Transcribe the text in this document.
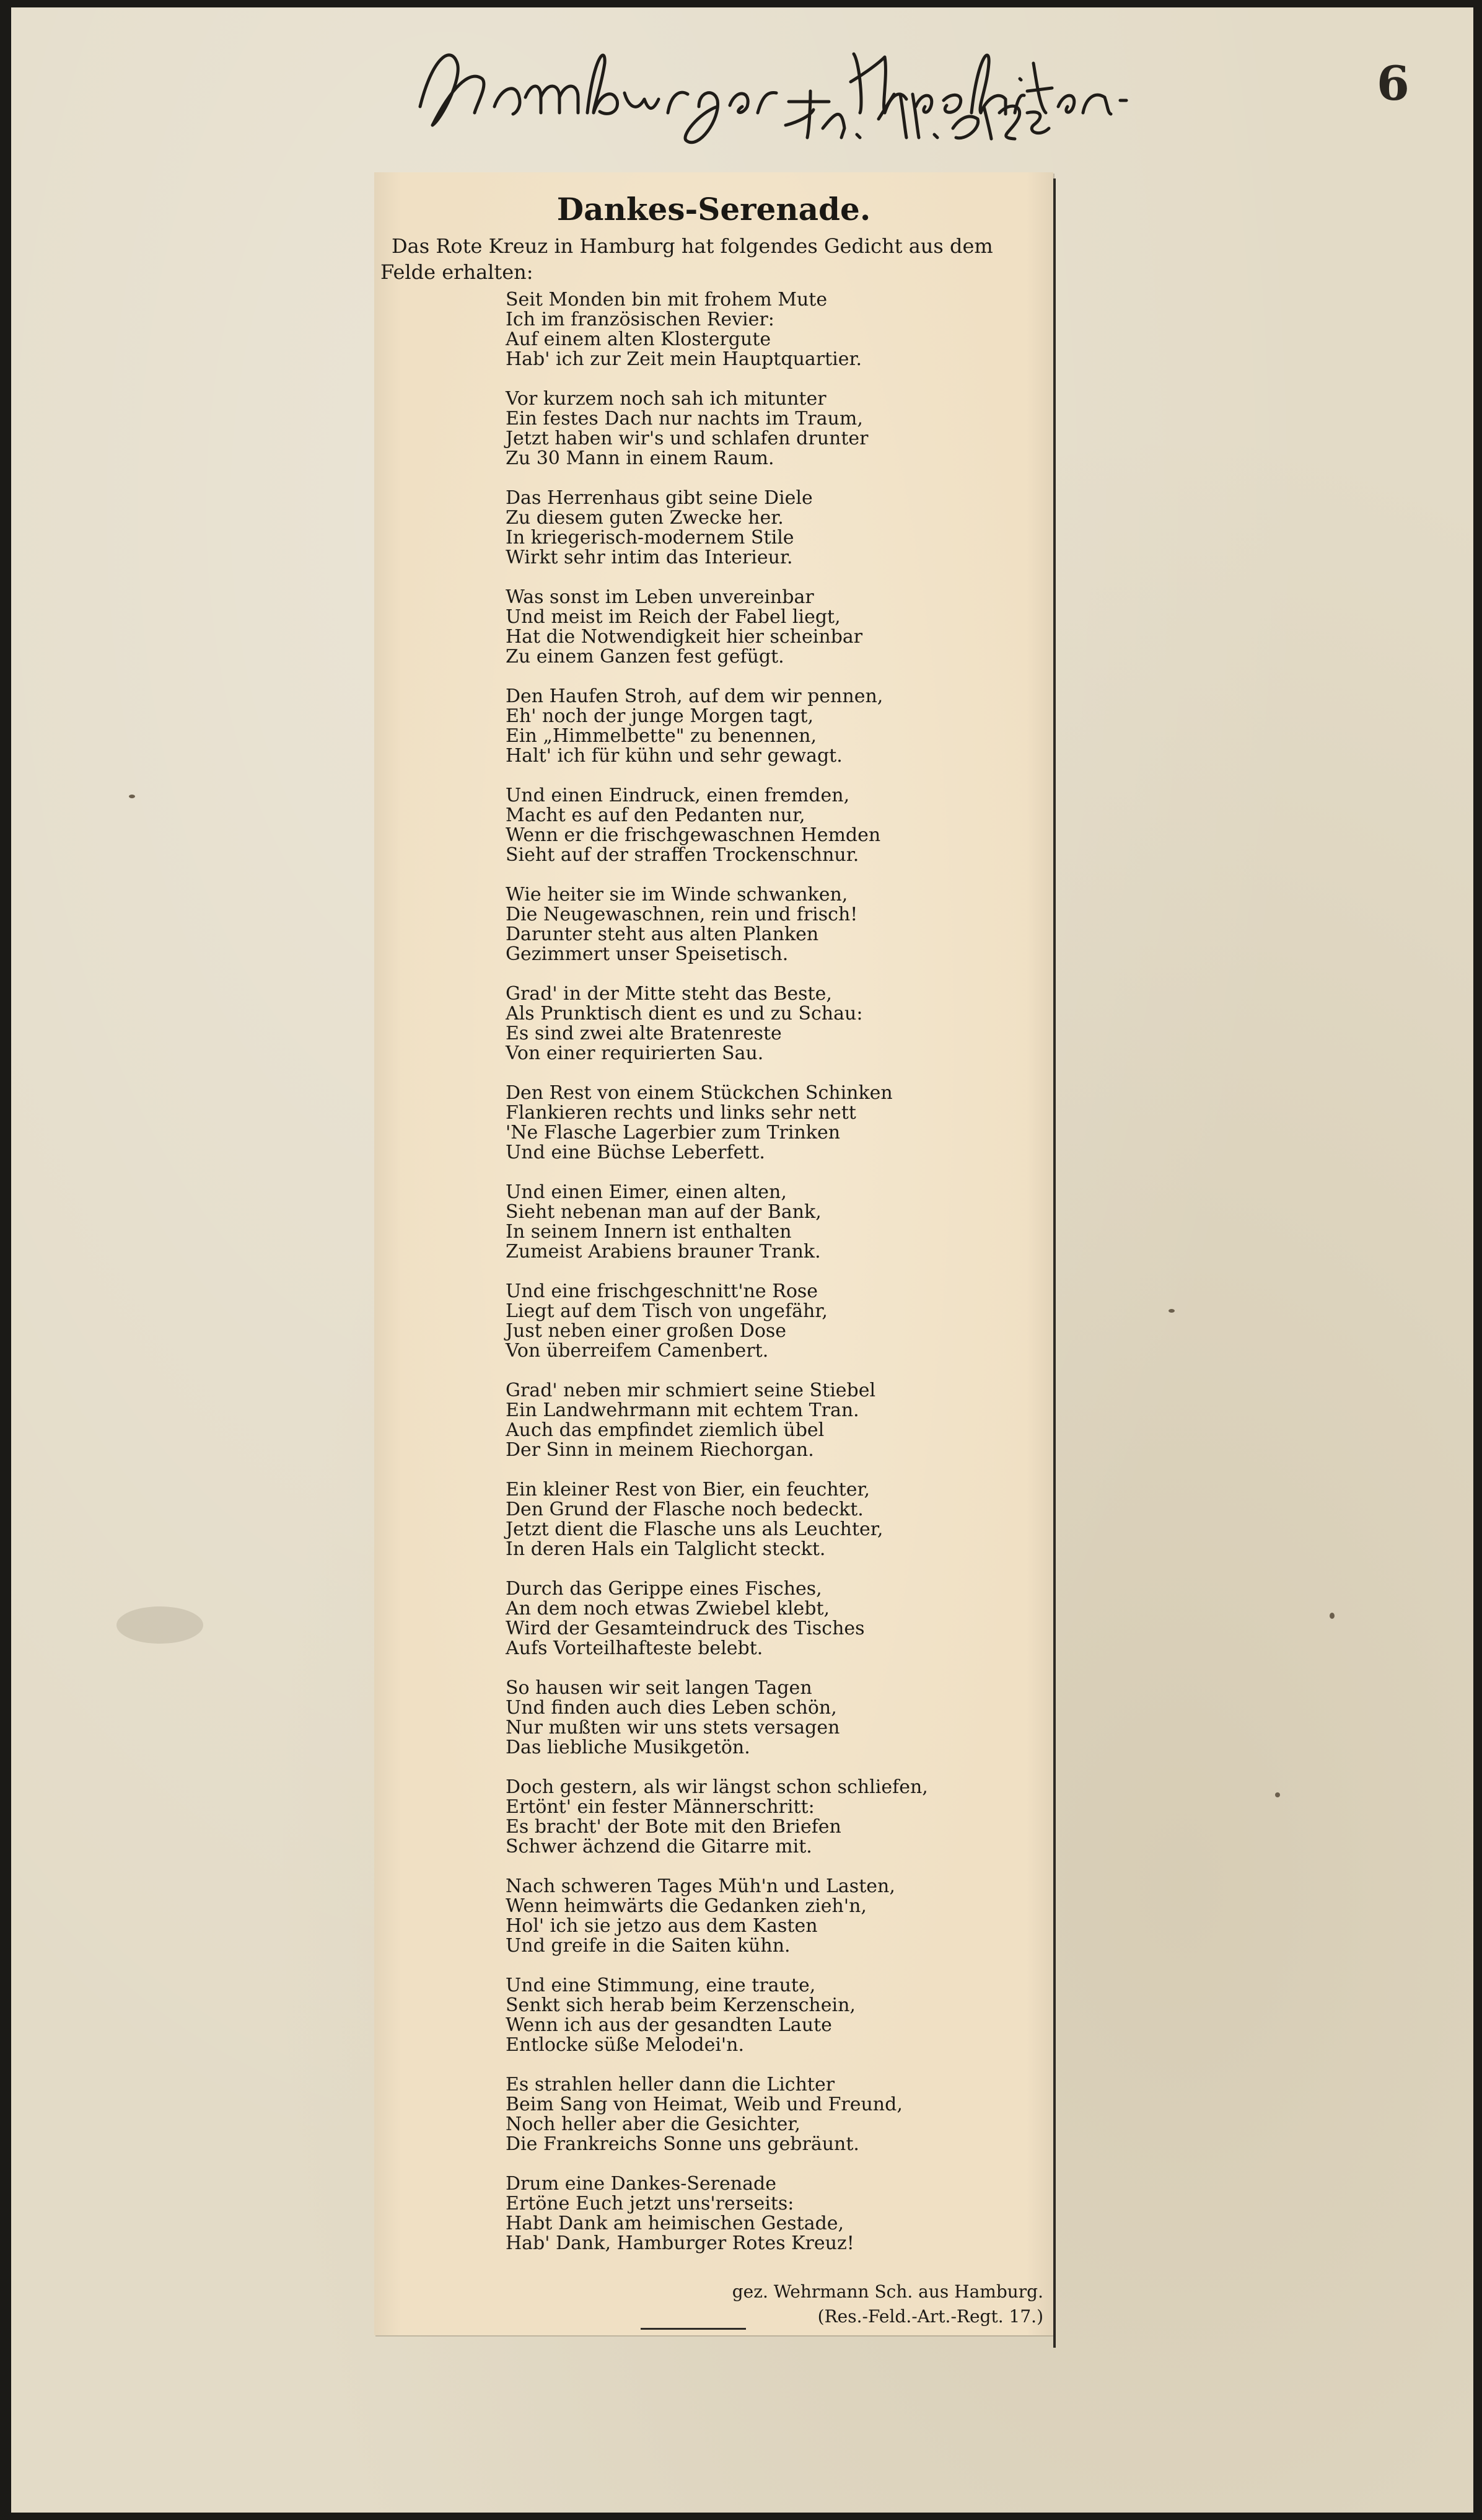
6
Dankes-Serenade.
Das Rote Kreuz in Hamburg hat folgendes Gedicht aus dem Felde erhalten:
Seit Monden bin mit frohem Mute
Ich im französischen Revier:
Auf einem alten Klostergute
Hab' ich zur Zeit mein Hauptquartier.
Vor kurzem noch sah ich mitunter
Ein festes Dach nur nachts im Traum,
Jetzt haben wir's und schlafen drunter
Zu 30 Mann in einem Raum.
Das Herrenhaus gibt seine Diele
Zu diesem guten Zwecke her.
In kriegerisch-modernem Stile
Wirkt sehr intim das Interieur.
Was sonst im Leben unvereinbar
Und meist im Reich der Fabel liegt,
Hat die Notwendigkeit hier scheinbar
Zu einem Ganzen fest gefügt.
Den Haufen Stroh, auf dem wir pennen,
Eh' noch der junge Morgen tagt,
Ein „Himmelbette" zu benennen,
Halt' ich für kühn und sehr gewagt.
Und einen Eindruck, einen fremden,
Macht es auf den Pedanten nur,
Wenn er die frischgewaschnen Hemden
Sieht auf der straffen Trockenschnur.
Wie heiter sie im Winde schwanken,
Die Neugewaschnen, rein und frisch!
Darunter steht aus alten Planken
Gezimmert unser Speisetisch.
Grad' in der Mitte steht das Beste,
Als Prunktisch dient es und zu Schau:
Es sind zwei alte Bratenreste
Von einer requirierten Sau.
Den Rest von einem Stückchen Schinken
Flankieren rechts und links sehr nett
'Ne Flasche Lagerbier zum Trinken
Und eine Büchse Leberfett.
Und einen Eimer, einen alten,
Sieht nebenan man auf der Bank,
In seinem Innern ist enthalten
Zumeist Arabiens brauner Trank.
Und eine frischgeschnitt'ne Rose
Liegt auf dem Tisch von ungefähr,
Just neben einer großen Dose
Von überreifem Camenbert.
Grad' neben mir schmiert seine Stiebel
Ein Landwehrmann mit echtem Tran.
Auch das empfindet ziemlich übel
Der Sinn in meinem Riechorgan.
Ein kleiner Rest von Bier, ein feuchter,
Den Grund der Flasche noch bedeckt.
Jetzt dient die Flasche uns als Leuchter,
In deren Hals ein Talglicht steckt.
Durch das Gerippe eines Fisches,
An dem noch etwas Zwiebel klebt,
Wird der Gesamteindruck des Tisches
Aufs Vorteilhafteste belebt.
So hausen wir seit langen Tagen
Und finden auch dies Leben schön,
Nur mußten wir uns stets versagen
Das liebliche Musikgetön.
Doch gestern, als wir längst schon schliefen,
Ertönt' ein fester Männerschritt:
Es bracht' der Bote mit den Briefen
Schwer ächzend die Gitarre mit.
Nach schweren Tages Müh'n und Lasten,
Wenn heimwärts die Gedanken zieh'n,
Hol' ich sie jetzo aus dem Kasten
Und greife in die Saiten kühn.
Und eine Stimmung, eine traute,
Senkt sich herab beim Kerzenschein,
Wenn ich aus der gesandten Laute
Entlocke süße Melodei'n.
Es strahlen heller dann die Lichter
Beim Sang von Heimat, Weib und Freund,
Noch heller aber die Gesichter,
Die Frankreichs Sonne uns gebräunt.
Drum eine Dankes-Serenade
Ertöne Euch jetzt uns'rerseits:
Habt Dank am heimischen Gestade,
Hab' Dank, Hamburger Rotes Kreuz!
gez. Wehrmann Sch. aus Hamburg.
(Res.-Feld.-Art.-Regt. 17.)
